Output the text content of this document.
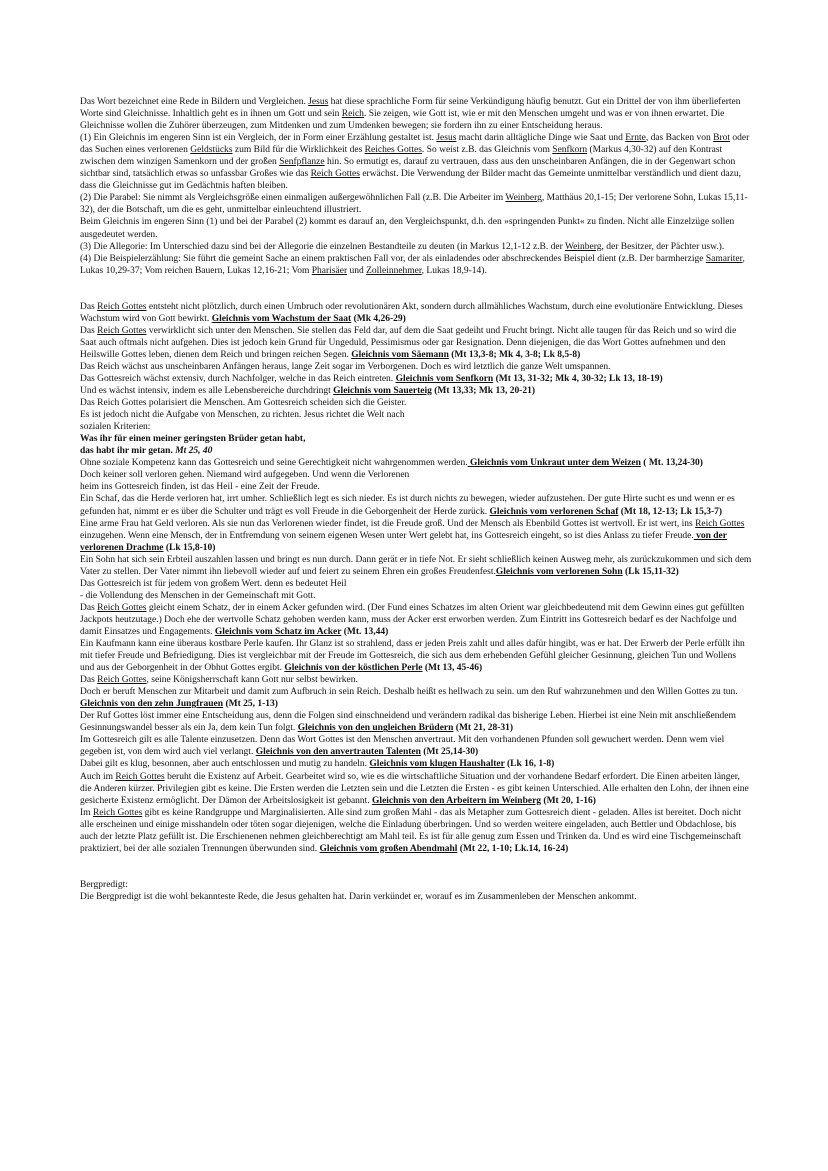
Das Wort bezeichnet eine Rede in Bildern und Vergleichen. Jesus hat diese sprachliche Form für seine Verkündigung häufig benutzt. Gut ein Drittel der von ihm überlieferten Worte sind Gleichnisse. Inhaltlich geht es in ihnen um Gott und sein Reich. Sie zeigen, wie Gott ist, wie er mit den Menschen umgeht und was er von ihnen erwartet. Die Gleichnisse wollen die Zuhörer überzeugen, zum Mitdenken und zum Umdenken bewegen; sie fordern ihn zu einer Entscheidung heraus.

(1) Ein Gleichnis im engeren Sinn ist ein Vergleich, der in Form einer Erzählung gestaltet ist. Jesus macht darin alltägliche Dinge wie Saat und Ernte, das Backen von Brot oder das Suchen eines verlorenen Geldstücks zum Bild für die Wirklichkeit des Reiches Gottes. So weist z.B. das Gleichnis vom Senfkorn (Markus 4,30-32) auf den Kontrast zwischen dem winzigen Samenkorn und der großen Senfpflanze hin. So ermutigt es, darauf zu vertrauen, dass aus den unscheinbaren Anfängen, die in der Gegenwart schon sichtbar sind, tatsächlich etwas so unfassbar Großes wie das Reich Gottes erwächst. Die Verwendung der Bilder macht das Gemeinte unmittelbar verständlich und dient dazu, dass die Gleichnisse gut im Gedächtnis haften bleiben.

(2) Die Parabel: Sie nimmt als Vergleichsgröße einen einmaligen außergewöhnlichen Fall (z.B. Die Arbeiter im Weinberg, Matthäus 20,1-15; Der verlorene Sohn, Lukas 15,11-32), der die Botschaft, um die es geht, unmittelbar einleuchtend illustriert.

Beim Gleichnis im engeren Sinn (1) und bei der Parabel (2) kommt es darauf an, den Vergleichspunkt, d.h. den »springenden Punkt« zu finden. Nicht alle Einzelzüge sollen ausgedeutet werden.

(3) Die Allegorie: Im Unterschied dazu sind bei der Allegorie die einzelnen Bestandteile zu deuten (in Markus 12,1-12 z.B. der Weinberg, der Besitzer, der Pächter usw.).

(4) Die Beispielerzählung: Sie führt die gemeint Sache an einem praktischen Fall vor, der als einladendes oder abschreckendes Beispiel dient (z.B. Der barmherzige Samariter, Lukas 10,29-37; Vom reichen Bauern, Lukas 12,16-21; Vom Pharisäer und Zolleinnehmer, Lukas 18,9-14).

Das Reich Gottes entsteht nicht plötzlich, durch einen Umbruch oder revolutionären Akt, sondern durch allmähliches Wachstum, durch eine evolutionäre Entwicklung. Dieses Wachstum wird von Gott bewirkt. Gleichnis vom Wachstum der Saat (Mk 4,26-29)

Das Reich Gottes verwirklicht sich unter den Menschen. Sie stellen das Feld dar, auf dem die Saat gedeiht und Frucht bringt. Nicht alle taugen für das Reich und so wird die Saat auch oftmals nicht aufgehen. Dies ist jedoch kein Grund für Ungeduld, Pessimismus oder gar Resignation. Denn diejenigen, die das Wort Gottes aufnehmen und den Heilswille Gottes leben, dienen dem Reich und bringen reichen Segen. Gleichnis vom Säemann (Mt 13,3-8; Mk 4, 3-8; Lk 8,5-8)

Das Reich wächst aus unscheinbaren Anfängen heraus, lange Zeit sogar im Verborgenen. Doch es wird letztlich die ganze Welt umspannen.

Das Gottesreich wächst extensiv, durch Nachfolger, welche in das Reich eintreten. Gleichnis vom Senfkorn (Mt 13, 31-32; Mk 4, 30-32; Lk 13, 18-19)

Und es wächst intensiv, indem es alle Lebensbereiche durchdringt Gleichnis vom Sauerteig (Mt 13,33; Mk 13, 20-21)

Das Reich Gottes polarisiert die Menschen. Am Gottesreich scheiden sich die Geister.

Es ist jedoch nicht die Aufgabe von Menschen, zu richten. Jesus richtet die Welt nach

sozialen Kriterien:

Was ihr für einen meiner geringsten Brüder getan habt,

das habt ihr mir getan. Mt 25, 40

Ohne soziale Kompetenz kann das Gottesreich und seine Gerechtigkeit nicht wahrgenommen werden. Gleichnis vom Unkraut unter dem Weizen ( Mt. 13,24-30)

Doch keiner soll verloren gehen. Niemand wird aufgegeben. Und wenn die Verlorenen

heim ins Gottesreich finden, ist das Heil - eine Zeit der Freude.

Ein Schaf, das die Herde verloren hat, irrt umher. Schließlich legt es sich nieder. Es ist durch nichts zu bewegen, wieder aufzustehen. Der gute Hirte sucht es und wenn er es gefunden hat, nimmt er es über die Schulter und trägt es voll Freude in die Geborgenheit der Herde zurück. Gleichnis vom verlorenen Schaf (Mt 18, 12-13; Lk 15,3-7)

Eine arme Frau hat Geld verloren. Als sie nun das Verlorenen wieder findet, ist die Freude groß. Und der Mensch als Ebenbild Gottes ist wertvoll. Er ist wert, ins Reich Gottes einzugehen. Wenn eine Mensch, der in Entfremdung von seinem eigenen Wesen unter Wert gelebt hat, ins Gottesreich eingeht, so ist dies Anlass zu tiefer Freude. von der verlorenen Drachme (Lk 15,8-10)

Ein Sohn hat sich sein Erbteil auszahlen lassen und bringt es nun durch. Dann gerät er in tiefe Not. Er sieht schließlich keinen Ausweg mehr, als zurückzukommen und sich dem Vater zu stellen. Der Vater nimmt ihn liebevoll wieder auf und feiert zu seinem Ehren ein großes Freudenfest.Gleichnis vom verlorenen Sohn (Lk 15,11-32)

Das Gottesreich ist für jedem von großem Wert. denn es bedeutet Heil

- die Vollendung des Menschen in der Gemeinschaft mit Gott.

Das Reich Gottes gleicht einem Schatz, der in einem Acker gefunden wird. (Der Fund eines Schatzes im alten Orient war gleichbedeutend mit dem Gewinn eines gut gefüllten Jackpots heutzutage.) Doch ehe der wertvolle Schatz gehoben werden kann, muss der Acker erst erworben werden. Zum Eintritt ins Gottesreich bedarf es der Nachfolge und damit Einsatzes und Engagements. Gleichnis vom Schatz im Acker (Mt. 13,44)

Ein Kaufmann kann eine überaus kostbare Perle kaufen. Ihr Glanz ist so strahlend, dass er jeden Preis zahlt und alles dafür hingibt, was er hat. Der Erwerb der Perle erfüllt ihn mit tiefer Freude und Befriedigung. Dies ist vergleichbar mit der Freude im Gottesreich, die sich aus dem erhebenden Gefühl gleicher Gesinnung, gleichen Tun und Wollens und aus der Geborgenheit in der Obhut Gottes ergibt. Gleichnis von der köstlichen Perle (Mt 13, 45-46)

Das Reich Gottes, seine Königsherrschaft kann Gott nur selbst bewirken.

Doch er beruft Menschen zur Mitarbeit und damit zum Aufbruch in sein Reich. Deshalb heißt es hellwach zu sein. um den Ruf wahrzunehmen und den Willen Gottes zu tun. Gleichnis von den zehn Jungfrauen (Mt 25, 1-13)

Der Ruf Gottes löst immer eine Entscheidung aus, denn die Folgen sind einschneidend und verändern radikal das bisherige Leben. Hierbei ist eine Nein mit anschließendem Gesinnungswandel besser als ein Ja, dem kein Tun folgt. Gleichnis von den ungleichen Brüdern (Mt 21, 28-31)

Im Gottesreich gilt es alle Talente einzusetzen. Denn das Wort Gottes ist den Menschen anvertraut. Mit den vorhandenen Pfunden soll gewuchert werden. Denn wem viel gegeben ist, von dem wird auch viel verlangt. Gleichnis von den anvertrauten Talenten (Mt 25,14-30)

Dabei gilt es klug, besonnen, aber auch entschlossen und mutig zu handeln. Gleichnis vom klugen Haushalter (Lk 16, 1-8)

Auch im Reich Gottes beruht die Existenz auf Arbeit. Gearbeitet wird so, wie es die wirtschaftliche Situation und der vorhandene Bedarf erfordert. Die Einen arbeiten länger, die Anderen kürzer. Privilegien gibt es keine. Die Ersten werden die Letzten sein und die Letzten die Ersten - es gibt keinen Unterschied. Alle erhalten den Lohn, der ihnen eine gesicherte Existenz ermöglicht. Der Dämon der Arbeitslosigkeit ist gebannt. Gleichnis von den Arbeitern im Weinberg (Mt 20, 1-16)

Im Reich Gottes gibt es keine Randgruppe und Marginalisierten. Alle sind zum großen Mahl - das als Metapher zum Gottesreich dient - geladen. Alles ist bereitet. Doch nicht alle erscheinen und einige misshandeln oder töten sogar diejenigen, welche die Einladung überbringen. Und so werden weitere eingeladen, auch Bettler und Obdachlose, bis auch der letzte Platz gefüllt ist. Die Erschienenen nehmen gleichberechtigt am Mahl teil. Es ist für alle genug zum Essen und Trinken da. Und es wird eine Tischgemeinschaft praktiziert, bei der alle sozialen Trennungen überwunden sind. Gleichnis vom großen Abendmahl (Mt 22, 1-10; Lk.14, 16-24)

Bergpredigt:

Die Bergpredigt ist die wohl bekannteste Rede, die Jesus gehalten hat. Darin verkündet er, worauf es im Zusammenleben der Menschen ankommt.
